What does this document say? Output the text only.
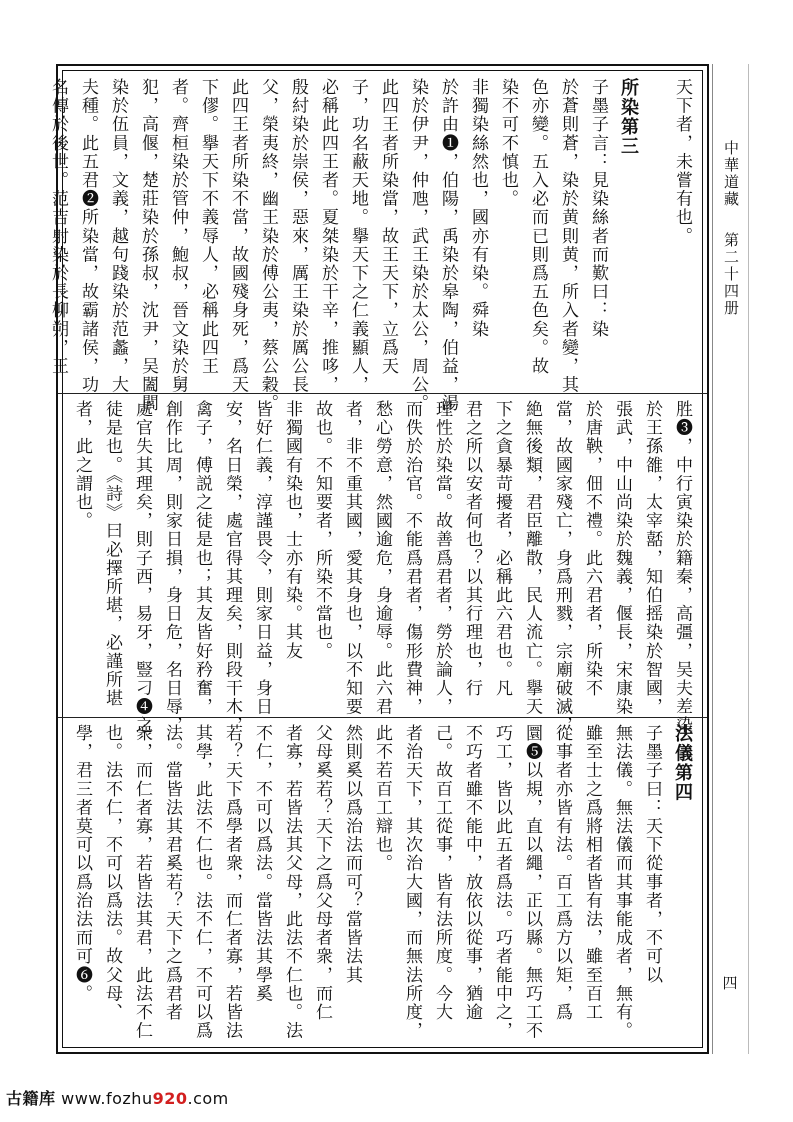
天下者，未嘗有也。
所染第三
子墨子言：見染絲者而歎曰：染
於蒼則蒼，染於黄則黄，所入者變，其
色亦變。五入必而已則爲五色矣。故
染不可不慎也。
非獨染絲然也，國亦有染。舜染
於許由❶，伯陽，禹染於皋陶，伯益，湯
染於伊尹，仲虺，武王染於太公，周公。
此四王者所染當，故王天下，立爲天
子，功名蔽天地。擧天下之仁義顯人，
必稱此四王者。夏桀染於干辛，推哆，
殷紂染於崇侯，惡來，厲王染於厲公長
父，榮夷終，幽王染於傅公夷，蔡公穀。
此四王者所染不當，故國殘身死，爲天
下僇。擧天下不義辱人，必稱此四王
者。齊桓染於管仲，鮑叔，晉文染於舅
犯，高偃，楚莊染於孫叔，沈尹，吴闔閭
染於伍員，文義，越句踐染於范蠡，大
夫種。此五君❷所染當，故霸諸侯，功
名傳於後世。范吉射染於長柳朔，王
胜❸，中行寅染於籍秦，高彊，吴夫差染
於王孫雒，太宰嚭，知伯摇染於智國，
張武，中山尚染於魏義，偃長，宋康染
於唐鞅，佃不禮。此六君者，所染不
當，故國家殘亡，身爲刑戮，宗廟破滅，
絶無後類，君臣離散，民人流亡。擧天
下之貪暴苛擾者，必稱此六君也。凡
君之所以安者何也？以其行理也，行
理性於染當。故善爲君者，勞於論人，
而佚於治官。不能爲君者，傷形費神，
愁心勞意，然國逾危，身逾辱。此六君
者，非不重其國，愛其身也，以不知要
故也。不知要者，所染不當也。
非獨國有染也，士亦有染。其友
皆好仁義，淳謹畏令，則家日益，身日
安，名日榮，處官得其理矣，則段干木，
禽子，傅説之徒是也；其友皆好矜奮，
創作比周，則家日損，身日危，名日辱，
處官失其理矣，則子西，易牙，豎刁❹之
徒是也。《詩》曰必擇所堪，必謹所堪
者，此之謂也。
法儀第四
子墨子曰：天下從事者，不可以
無法儀。無法儀而其事能成者，無有。
雖至士之爲將相者皆有法，雖至百工
從事者亦皆有法。百工爲方以矩，爲
圜❺以規，直以繩，正以縣。無巧工不
巧工，皆以此五者爲法。巧者能中之，
不巧者雖不能中，放依以從事，猶逾
己。故百工從事，皆有法所度。今大
者治天下，其次治大國，而無法所度，
此不若百工辯也。
然則奚以爲治法而可？當皆法其
父母奚若？天下之爲父母者衆，而仁
者寡，若皆法其父母，此法不仁也。法
不仁，不可以爲法。當皆法其學奚
若？天下爲學者衆，而仁者寡，若皆法
其學，此法不仁也。法不仁，不可以爲
法。當皆法其君奚若？天下之爲君者
衆，而仁者寡，若皆法其君，此法不仁
也。法不仁，不可以爲法。故父母、
學，君三者莫可以爲治法而可❻。
中華道藏  第二十四册
四
古籍库 www.fozhu920.com
